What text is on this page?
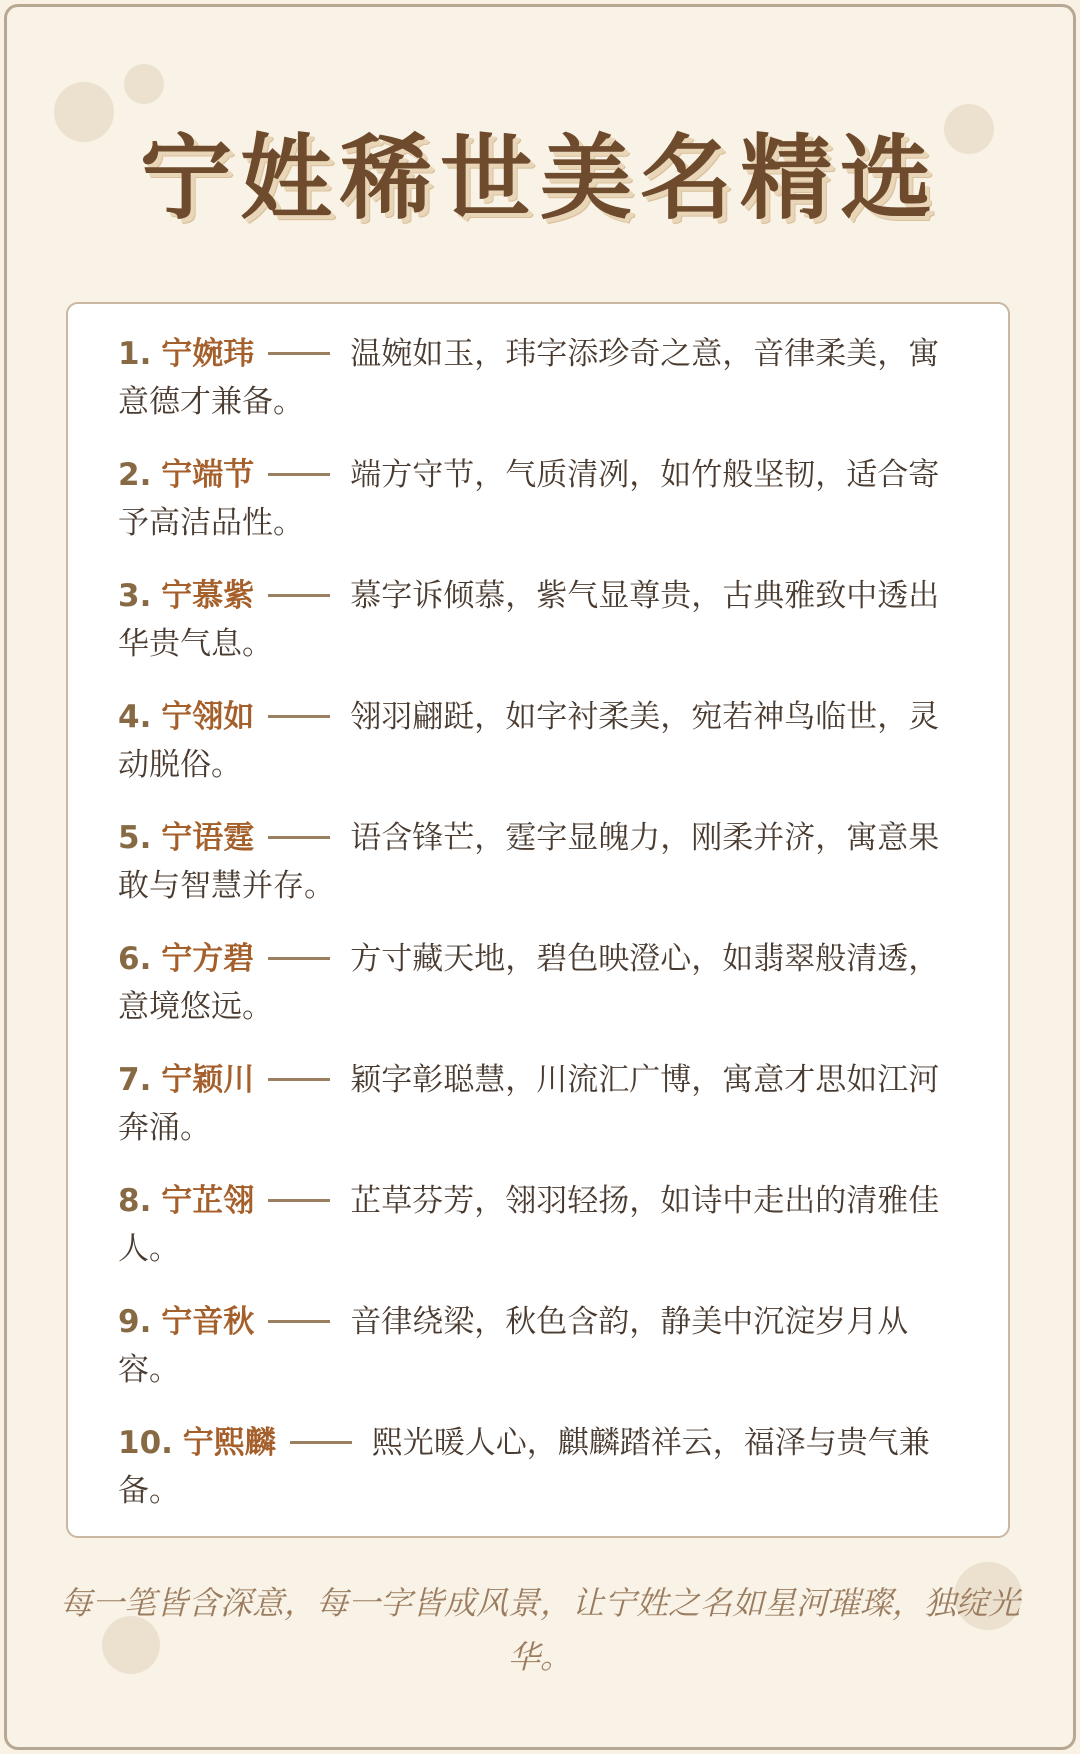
宁姓稀世美名精选

1. 宁婉玮	温婉如玉，玮字添珍奇之意，音律柔美，寓意德才兼备。

2. 宁端节	端方守节，气质清冽，如竹般坚韧，适合寄予高洁品性。

3. 宁慕紫	慕字诉倾慕，紫气显尊贵，古典雅致中透出华贵气息。

4. 宁翎如	翎羽翩跹，如字衬柔美，宛若神鸟临世，灵动脱俗。

5. 宁语霆	语含锋芒，霆字显魄力，刚柔并济，寓意果敢与智慧并存。

6. 宁方碧	方寸藏天地，碧色映澄心，如翡翠般清透，意境悠远。

7. 宁颖川	颖字彰聪慧，川流汇广博，寓意才思如江河奔涌。

8. 宁芷翎	芷草芬芳，翎羽轻扬，如诗中走出的清雅佳人。

9. 宁音秋	音律绕梁，秋色含韵，静美中沉淀岁月从容。

10. 宁熙麟	熙光暖人心，麒麟踏祥云，福泽与贵气兼备。

每一笔皆含深意，每一字皆成风景，让宁姓之名如星河璀璨，独绽光华。
